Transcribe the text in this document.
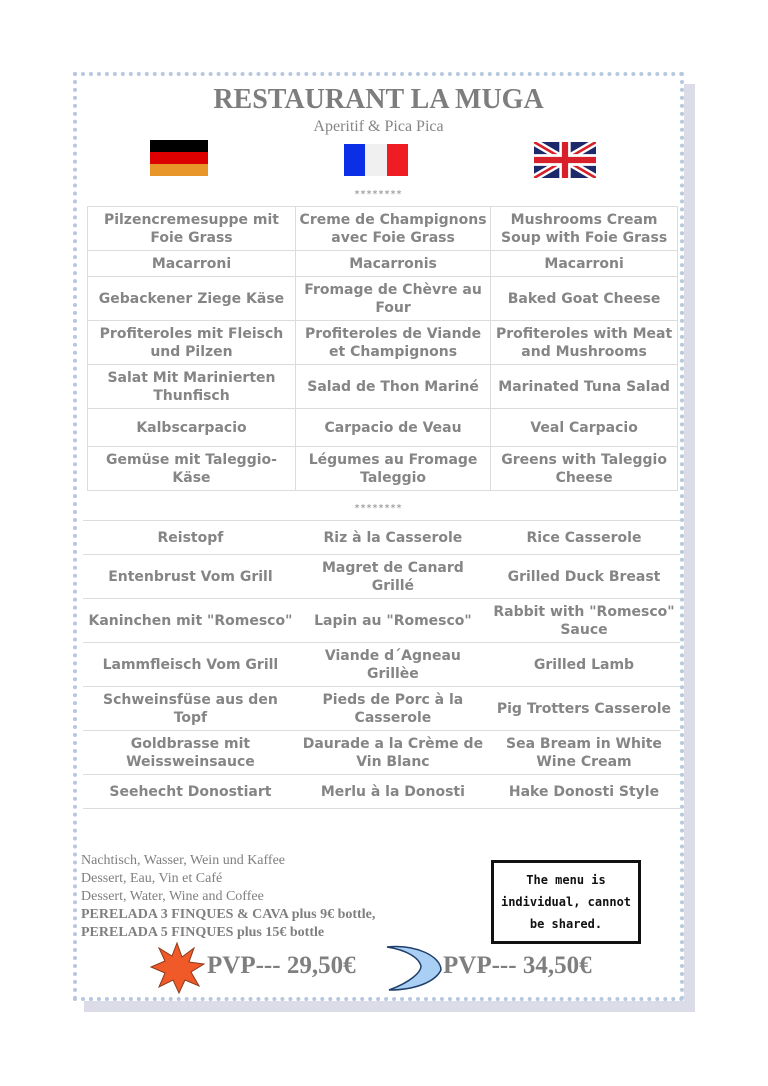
RESTAURANT LA MUGA
Aperitif & Pica Pica
********
Pilzencremesuppe mit Foie Grass	Creme de Champignons avec Foie Grass	Mushrooms Cream Soup with Foie Grass
Macarroni	Macarronis	Macarroni
Gebackener Ziege Käse	Fromage de Chèvre au Four	Baked Goat Cheese
Profiteroles mit Fleisch und Pilzen	Profiteroles de Viande et Champignons	Profiteroles with Meat and Mushrooms
Salat Mit Marinierten Thunfisch	Salad de Thon Mariné	Marinated Tuna Salad
Kalbscarpacio	Carpacio de Veau	Veal Carpacio
Gemüse mit Taleggio-Käse	Légumes au Fromage Taleggio	Greens with Taleggio Cheese
********
Reistopf	Riz à la Casserole	Rice Casserole
Entenbrust Vom Grill	Magret de Canard Grillé	Grilled Duck Breast
Kaninchen mit "Romesco"	Lapin au "Romesco"	Rabbit with "Romesco" Sauce
Lammfleisch Vom Grill	Viande d´Agneau Grillèe	Grilled Lamb
Schweinsfüse aus den Topf	Pieds de Porc à la Casserole	Pig Trotters Casserole
Goldbrasse mit Weissweinsauce	Daurade a la Crème de Vin Blanc	Sea Bream in White Wine Cream
Seehecht Donostiart	Merlu à la Donosti	Hake Donosti Style
Nachtisch, Wasser, Wein und Kaffee
Dessert, Eau, Vin et Café
Dessert, Water, Wine and Coffee
PERELADA 3 FINQUES & CAVA plus 9€ bottle,
PERELADA 5 FINQUES plus 15€ bottle
The menu is
individual, cannot
be shared.
PVP--- 29,50€	PVP--- 34,50€
